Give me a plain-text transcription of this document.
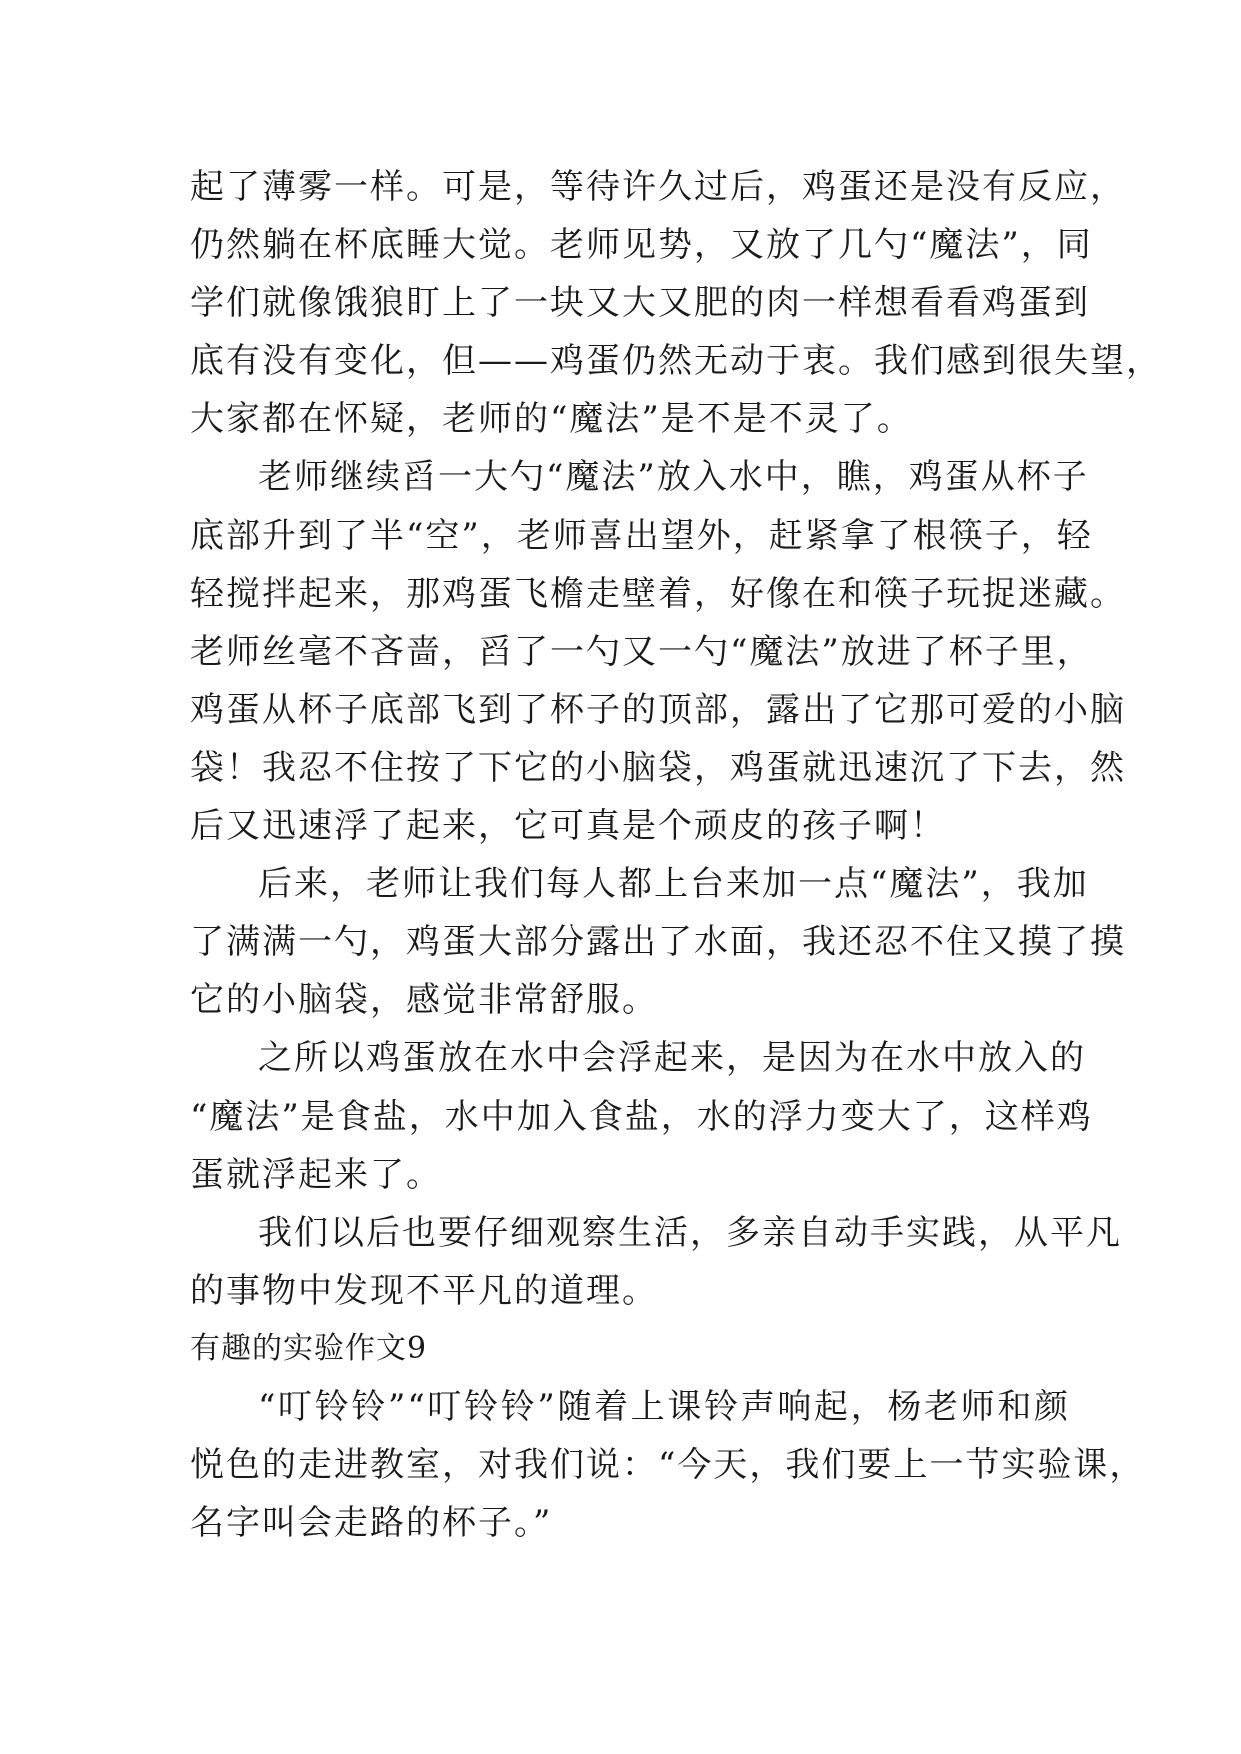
起了薄雾一样。可是，等待许久过后，鸡蛋还是没有反应，
仍然躺在杯底睡大觉。老师见势，又放了几勺“魔法”，同
学们就像饿狼盯上了一块又大又肥的肉一样想看看鸡蛋到
底有没有变化，但——鸡蛋仍然无动于衷。我们感到很失望，
大家都在怀疑，老师的“魔法”是不是不灵了。
老师继续舀一大勺“魔法”放入水中，瞧，鸡蛋从杯子
底部升到了半“空”，老师喜出望外，赶紧拿了根筷子，轻
轻搅拌起来，那鸡蛋飞檐走壁着，好像在和筷子玩捉迷藏。
老师丝毫不吝啬，舀了一勺又一勺“魔法”放进了杯子里，
鸡蛋从杯子底部飞到了杯子的顶部，露出了它那可爱的小脑
袋！我忍不住按了下它的小脑袋，鸡蛋就迅速沉了下去，然
后又迅速浮了起来，它可真是个顽皮的孩子啊！
后来，老师让我们每人都上台来加一点“魔法”，我加
了满满一勺，鸡蛋大部分露出了水面，我还忍不住又摸了摸
它的小脑袋，感觉非常舒服。
之所以鸡蛋放在水中会浮起来，是因为在水中放入的
“魔法”是食盐，水中加入食盐，水的浮力变大了，这样鸡
蛋就浮起来了。
我们以后也要仔细观察生活，多亲自动手实践，从平凡
的事物中发现不平凡的道理。
有趣的实验作文9
“叮铃铃”“叮铃铃”随着上课铃声响起，杨老师和颜
悦色的走进教室，对我们说：“今天，我们要上一节实验课，
名字叫会走路的杯子。”
